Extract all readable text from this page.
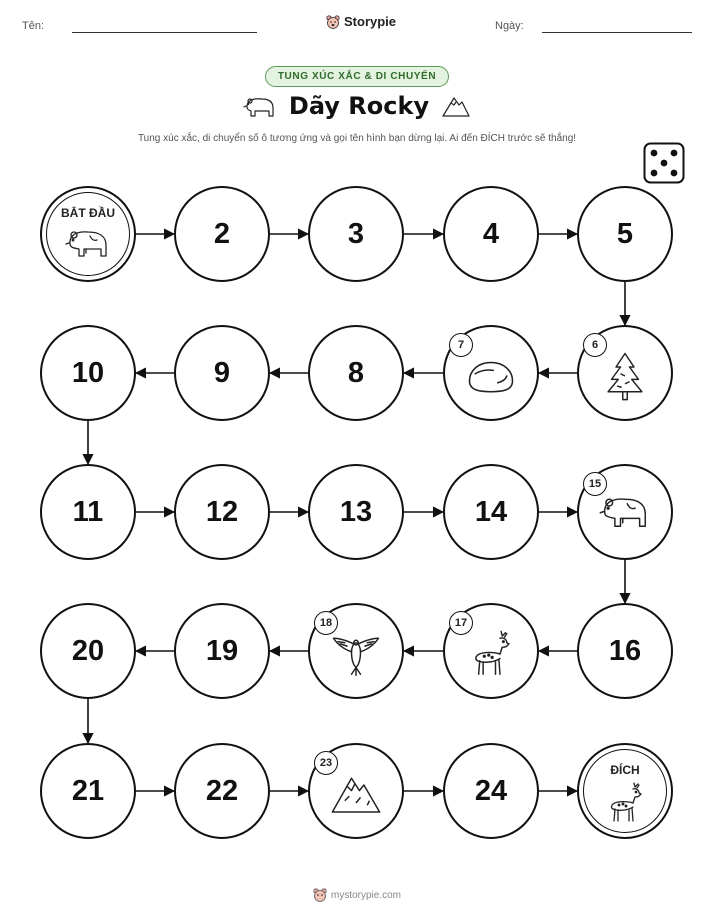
Tên:	Storypie	Ngày:
TUNG XÚC XẮC & DI CHUYỂN
Dãy Rocky
Tung xúc xắc, di chuyển số ô tương ứng và gọi tên hình bạn dừng lại. Ai đến ĐÍCH trước sẽ thắng!
BẮT ĐẦU
2	3	4	5
10	9	8
7	6
11	12	13	14
15
20	19
18	17
16
21	22
23
24
ĐÍCH
mystorypie.com
